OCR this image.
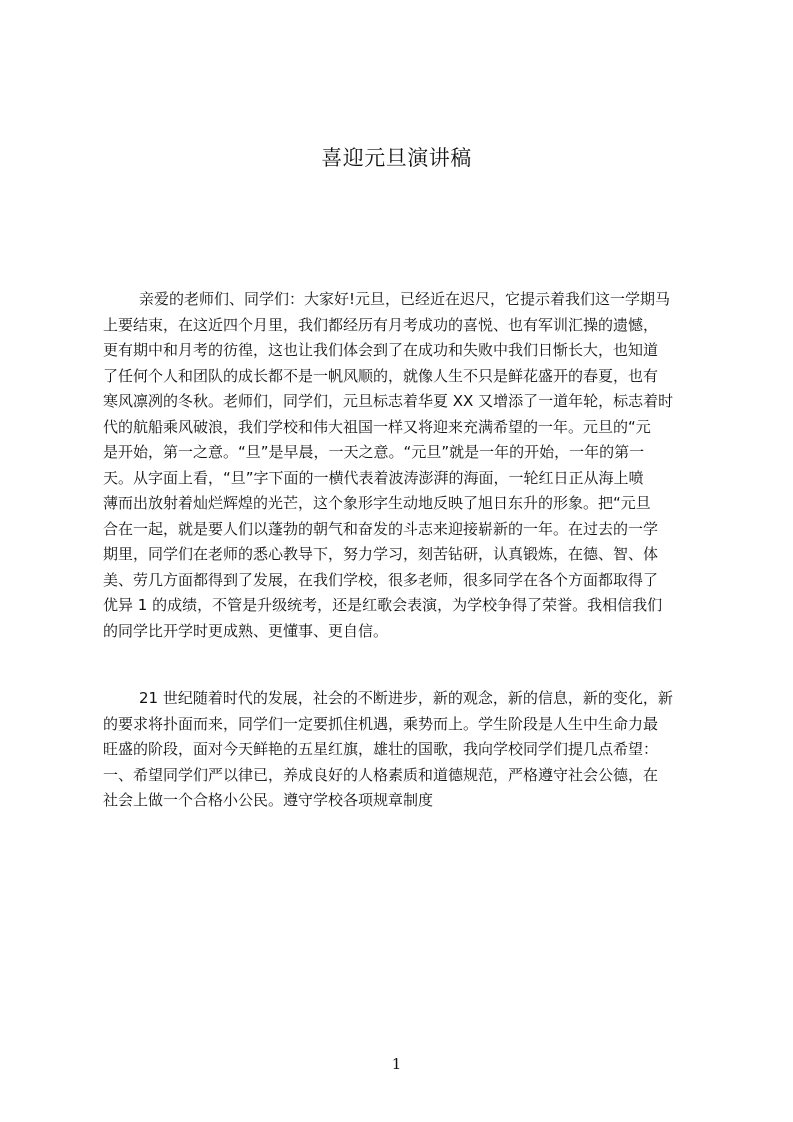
喜迎元旦演讲稿
亲爱的老师们、同学们：大家好!元旦，已经近在迟尺，它提示着我们这一学期马
上要结束，在这近四个月里，我们都经历有月考成功的喜悦、也有军训汇操的遗憾，
更有期中和月考的彷徨，这也让我们体会到了在成功和失败中我们日惭长大，也知道
了任何个人和团队的成长都不是一帆风顺的，就像人生不只是鲜花盛开的春夏，也有
寒风凛冽的冬秋。老师们，同学们，元旦标志着华夏 XX 又增添了一道年轮，标志着时
代的航船乘风破浪，我们学校和伟大祖国一样又将迎来充满希望的一年。元旦的“元
是开始，第一之意。“旦”是早晨，一天之意。“元旦”就是一年的开始，一年的第一
天。从字面上看，“旦”字下面的一横代表着波涛澎湃的海面，一轮红日正从海上喷
薄而出放射着灿烂辉煌的光芒，这个象形字生动地反映了旭日东升的形象。把“元旦
合在一起，就是要人们以蓬勃的朝气和奋发的斗志来迎接崭新的一年。在过去的一学
期里，同学们在老师的悉心教导下，努力学习，刻苦钻研，认真锻炼，在德、智、体
美、劳几方面都得到了发展，在我们学校，很多老师，很多同学在各个方面都取得了
优异 1 的成绩，不管是升级统考，还是红歌会表演，为学校争得了荣誉。我相信我们
的同学比开学时更成熟、更懂事、更自信。
21 世纪随着时代的发展，社会的不断进步，新的观念，新的信息，新的变化，新
的要求将扑面而来，同学们一定要抓住机遇，乘势而上。学生阶段是人生中生命力最
旺盛的阶段，面对今天鲜艳的五星红旗，雄壮的国歌，我向学校同学们提几点希望：
一、希望同学们严以律已，养成良好的人格素质和道德规范，严格遵守社会公德，在
社会上做一个合格小公民。遵守学校各项规章制度
1
